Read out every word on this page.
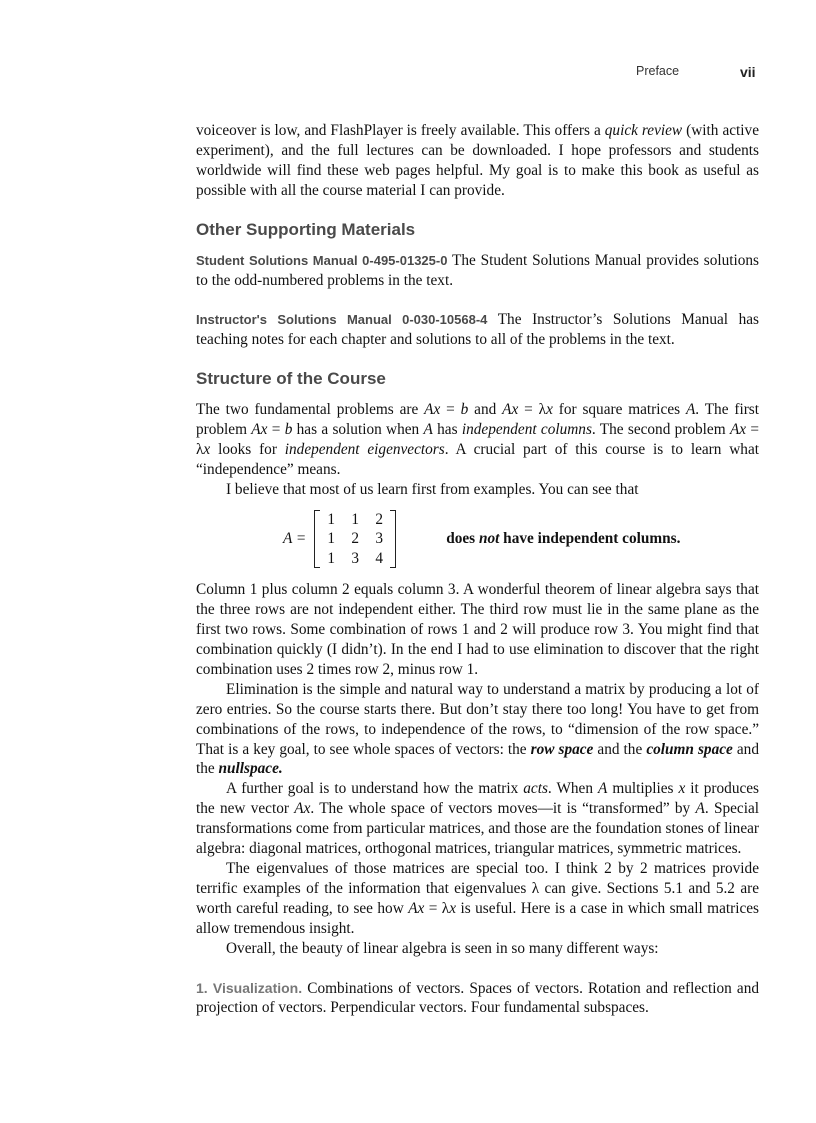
Preface	vii

voiceover is low, and FlashPlayer is freely available. This offers a quick review (with active experiment), and the full lectures can be downloaded. I hope professors and students worldwide will find these web pages helpful. My goal is to make this book as useful as possible with all the course material I can provide.

Other Supporting Materials

Student Solutions Manual 0-495-01325-0 The Student Solutions Manual provides solutions to the odd-numbered problems in the text.

Instructor's Solutions Manual 0-030-10568-4 The Instructor’s Solutions Manual has teaching notes for each chapter and solutions to all of the problems in the text.

Structure of the Course

The two fundamental problems are Ax = b and Ax = λx for square matrices A. The first problem Ax = b has a solution when A has independent columns. The second problem Ax = λx looks for independent eigenvectors. A crucial part of this course is to learn what “independence” means.

I believe that most of us learn first from examples. You can see that

A =
1	1	2
1	2	3
1	3	4
does not have independent columns.

Column 1 plus column 2 equals column 3. A wonderful theorem of linear algebra says that the three rows are not independent either. The third row must lie in the same plane as the first two rows. Some combination of rows 1 and 2 will produce row 3. You might find that combination quickly (I didn’t). In the end I had to use elimination to discover that the right combination uses 2 times row 2, minus row 1.

Elimination is the simple and natural way to understand a matrix by producing a lot of zero entries. So the course starts there. But don’t stay there too long! You have to get from combinations of the rows, to independence of the rows, to “dimension of the row space.” That is a key goal, to see whole spaces of vectors: the row space and the column space and the nullspace.

A further goal is to understand how the matrix acts. When A multiplies x it produces the new vector Ax. The whole space of vectors moves—it is “transformed” by A. Special transformations come from particular matrices, and those are the foundation stones of linear algebra: diagonal matrices, orthogonal matrices, triangular matrices, symmetric matrices.

The eigenvalues of those matrices are special too. I think 2 by 2 matrices provide terrific examples of the information that eigenvalues λ can give. Sections 5.1 and 5.2 are worth careful reading, to see how Ax = λx is useful. Here is a case in which small matrices allow tremendous insight.

Overall, the beauty of linear algebra is seen in so many different ways:

1. Visualization. Combinations of vectors. Spaces of vectors. Rotation and reflection and projection of vectors. Perpendicular vectors. Four fundamental subspaces.
